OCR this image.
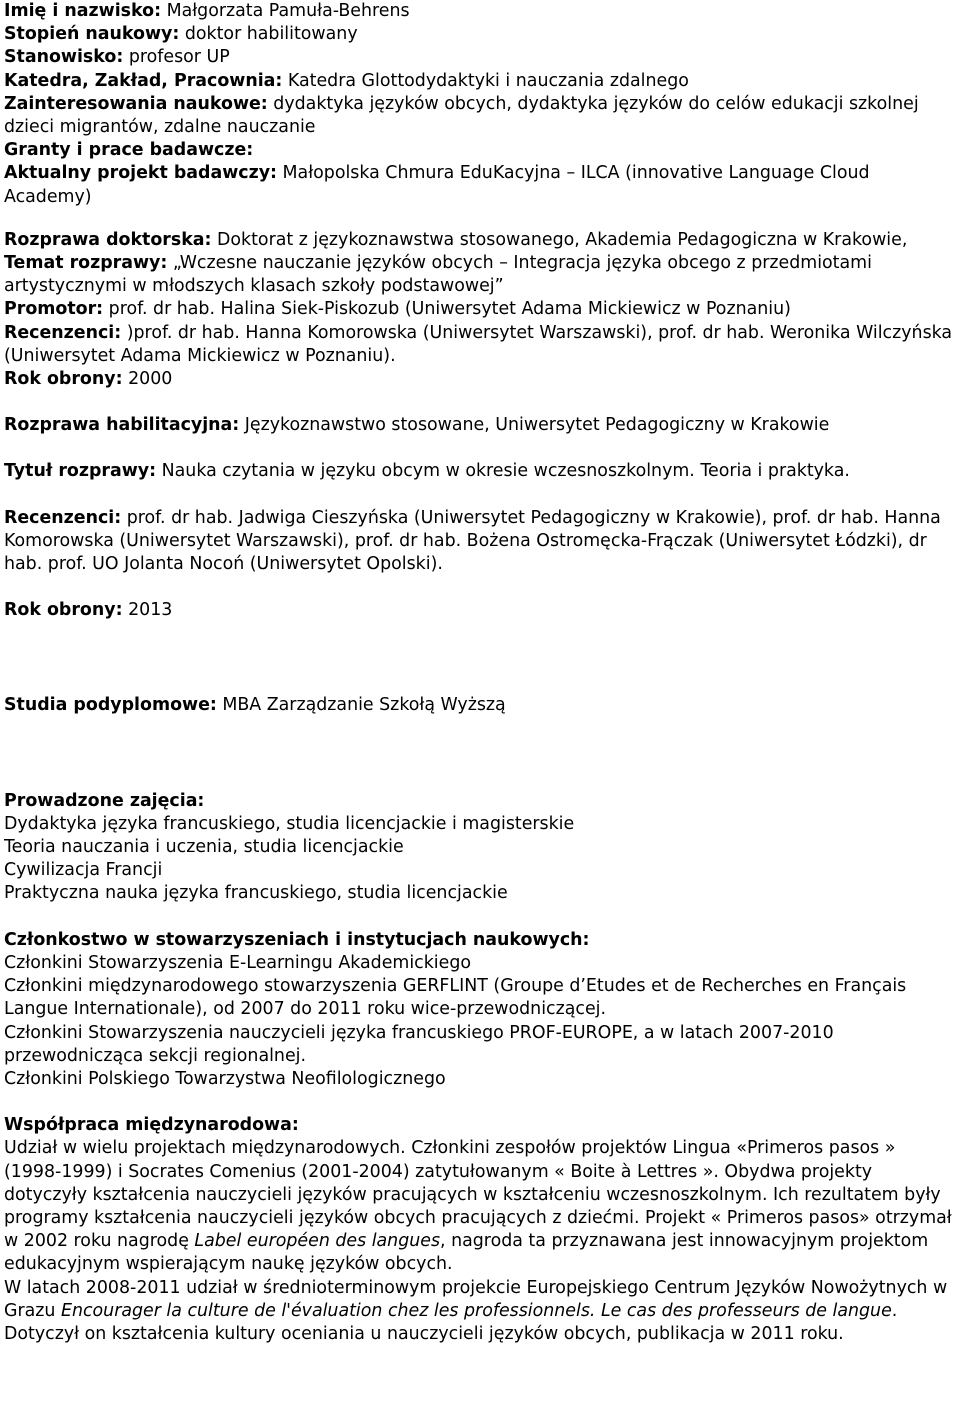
Imię i nazwisko: Małgorzata Pamuła-Behrens

Stopień naukowy: doktor habilitowany

Stanowisko: profesor UP

Katedra, Zakład, Pracownia: Katedra Glottodydaktyki i nauczania zdalnego

Zainteresowania naukowe: dydaktyka języków obcych, dydaktyka języków do celów edukacji szkolnej dzieci migrantów, zdalne nauczanie

Granty i prace badawcze:

Aktualny projekt badawczy: Małopolska Chmura EduKacyjna – ILCA (innovative Language Cloud Academy)

Rozprawa doktorska: Doktorat z językoznawstwa stosowanego, Akademia Pedagogiczna w Krakowie,

Temat rozprawy: „Wczesne nauczanie języków obcych – Integracja języka obcego z przedmiotami artystycznymi w młodszych klasach szkoły podstawowej”

Promotor: prof. dr hab. Halina Siek-Piskozub (Uniwersytet Adama Mickiewicz w Poznaniu)

Recenzenci: )prof. dr hab. Hanna Komorowska (Uniwersytet Warszawski), prof. dr hab. Weronika Wilczyńska (Uniwersytet Adama Mickiewicz w Poznaniu).

Rok obrony: 2000

Rozprawa habilitacyjna: Językoznawstwo stosowane, Uniwersytet Pedagogiczny w Krakowie

Tytuł rozprawy: Nauka czytania w języku obcym w okresie wczesnoszkolnym. Teoria i praktyka.

Recenzenci: prof. dr hab. Jadwiga Cieszyńska (Uniwersytet Pedagogiczny w Krakowie), prof. dr hab. Hanna Komorowska (Uniwersytet Warszawski), prof. dr hab. Bożena Ostromęcka-Frączak (Uniwersytet Łódzki), dr hab. prof. UO Jolanta Nocoń (Uniwersytet Opolski).

Rok obrony: 2013

Studia podyplomowe: MBA Zarządzanie Szkołą Wyższą

Prowadzone zajęcia:

Dydaktyka języka francuskiego, studia licencjackie i magisterskie

Teoria nauczania i uczenia, studia licencjackie

Cywilizacja Francji

Praktyczna nauka języka francuskiego, studia licencjackie

Członkostwo w stowarzyszeniach i instytucjach naukowych:

Członkini Stowarzyszenia E-Learningu Akademickiego

Członkini międzynarodowego stowarzyszenia GERFLINT (Groupe d’Etudes et de Recherches en Français Langue Internationale), od 2007 do 2011 roku wice-przewodniczącej.

Członkini Stowarzyszenia nauczycieli języka francuskiego PROF-EUROPE, a w latach 2007-2010 przewodnicząca sekcji regionalnej.

Członkini Polskiego Towarzystwa Neofilologicznego

Współpraca międzynarodowa:

Udział w wielu projektach międzynarodowych. Członkini zespołów projektów Lingua «Primeros pasos » (1998-1999) i Socrates Comenius (2001-2004) zatytułowanym « Boite à Lettres ». Obydwa projekty dotyczyły kształcenia nauczycieli języków pracujących w kształceniu wczesnoszkolnym. Ich rezultatem były programy kształcenia nauczycieli języków obcych pracujących z dziećmi. Projekt « Primeros pasos» otrzymał w 2002 roku nagrodę Label européen des langues, nagroda ta przyznawana jest innowacyjnym projektom edukacyjnym wspierającym naukę języków obcych.

W latach 2008-2011 udział w średnioterminowym projekcie Europejskiego Centrum Języków Nowożytnych w Grazu Encourager la culture de l'évaluation chez les professionnels. Le cas des professeurs de langue. Dotyczył on kształcenia kultury oceniania u nauczycieli języków obcych, publikacja w 2011 roku.
